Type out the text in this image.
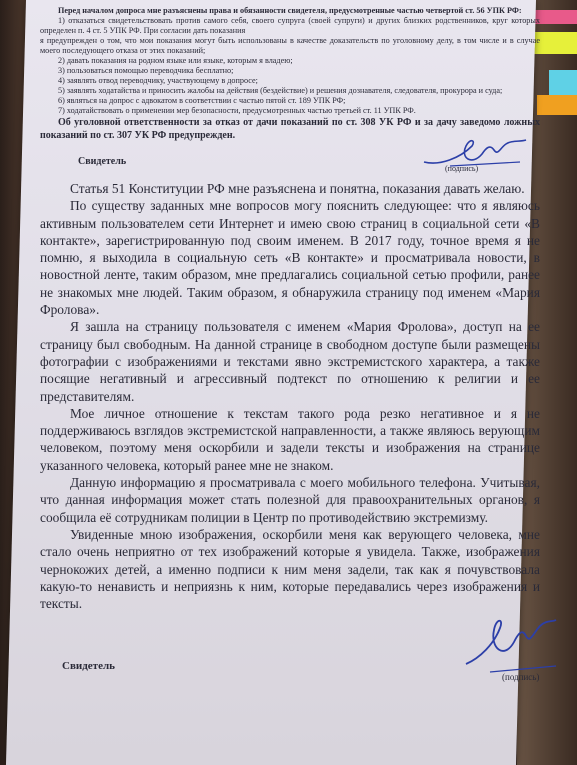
Перед началом допроса мне разъяснены права и обязанности свидетеля, предусмотренные частью четвертой ст. 56 УПК РФ:

1) отказаться свидетельствовать против самого себя, своего супруга (своей супруги) и других близких родственников, круг которых определен п. 4 ст. 5 УПК РФ. При согласии дать показания

я предупрежден о том, что мои показания могут быть использованы в качестве доказательств по уголовному делу, в том числе и в случае моего последующего отказа от этих показаний;

2) давать показания на родном языке или языке, которым я владею;

3) пользоваться помощью переводчика бесплатно;

4) заявлять отвод переводчику, участвующему в допросе;

5) заявлять ходатайства и приносить жалобы на действия (бездействие) и решения дознавателя, следователя, прокурора и суда;

6) являться на допрос с адвокатом в соответствии с частью пятой ст. 189 УПК РФ;

7) ходатайствовать о применении мер безопасности, предусмотренных частью третьей ст. 11 УПК РФ.

Об уголовной ответственности за отказ от дачи показаний по ст. 308 УК РФ и за дачу заведомо ложных показаний по ст. 307 УК РФ предупрежден.

Свидетель
(подпись)

Статья 51 Конституции РФ мне разъяснена и понятна, показания давать желаю.

По существу заданных мне вопросов могу пояснить следующее: что я являюсь активным пользователем сети Интернет и имею свою страниц в социальной сети «В контакте», зарегистрированную под своим именем. В 2017 году, точное время я не помню, я выходила в социальную сеть «В контакте» и просматривала новости, в новостной ленте, таким образом, мне предлагались социальной сетью профили, ранее не знакомых мне людей. Таким образом, я обнаружила страницу под именем «Мария Фролова».

Я зашла на страницу пользователя с именем «Мария Фролова», доступ на ее страницу был свободным. На данной странице в свободном доступе были размещены фотографии с изображениями и текстами явно экстремистского характера, а также посящие негативный и агрессивный подтекст по отношению к религии и ее представителям.

Мое личное отношение к текстам такого рода резко негативное и я не поддерживаюсь взглядов экстремистской направленности, а также являюсь верующим человеком, поэтому меня оскорбили и задели тексты и изображения на странице указанного человека, который ранее мне не знаком.

Данную информацию я просматривала с моего мобильного телефона. Учитывая, что данная информация может стать полезной для правоохранительных органов, я сообщила её сотрудникам полиции в Центр по противодействию экстремизму.

Увиденные мною изображения, оскорбили меня как верующего человека, мне стало очень неприятно от тех изображений которые я увидела. Также, изображения чернокожих детей, а именно подписи к ним меня задели, так как я почувствовала какую-то ненависть и неприязнь к ним, которые передавались через изображения и тексты.

Свидетель
(подпись)
